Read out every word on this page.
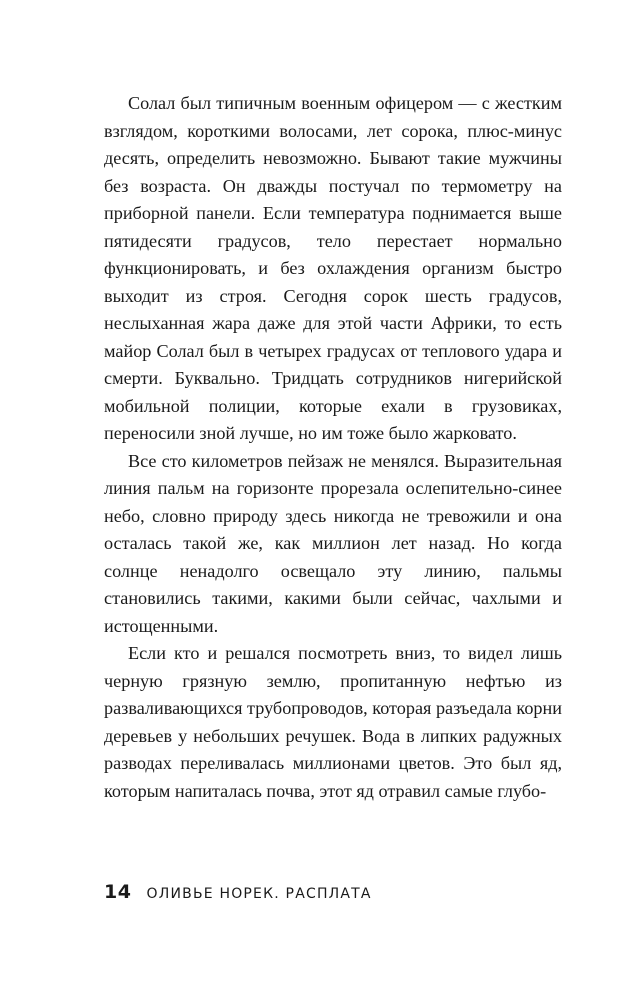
Солал был типичным военным офицером — с жестким взглядом, короткими волосами, лет сорока, плюс-минус десять, определить невозможно. Бывают такие мужчины без возраста. Он дважды постучал по термометру на приборной панели. Если температура поднимается выше пятидесяти градусов, тело перестает нормально функционировать, и без охлаждения организм быстро выходит из строя. Сегодня сорок шесть градусов, неслыханная жара даже для этой части Африки, то есть майор Солал был в четырех градусах от теплового удара и смерти. Буквально. Тридцать сотрудников нигерийской мобильной полиции, которые ехали в грузовиках, переносили зной лучше, но им тоже было жарковато.

Все сто километров пейзаж не менялся. Выразительная линия пальм на горизонте прорезала ослепительно-синее небо, словно природу здесь никогда не тревожили и она осталась такой же, как миллион лет назад. Но когда солнце ненадолго освещало эту линию, пальмы становились такими, какими были сейчас, чахлыми и истощенными.

Если кто и решался посмотреть вниз, то видел лишь черную грязную землю, пропитанную нефтью из разваливающихся трубопроводов, которая разъедала корни деревьев у небольших речушек. Вода в липких радужных разводах переливалась миллионами цветов. Это был яд, которым напиталась почва, этот яд отравил самые глубо-

14 ОЛИВЬЕ НОРЕК. РАСПЛАТА
